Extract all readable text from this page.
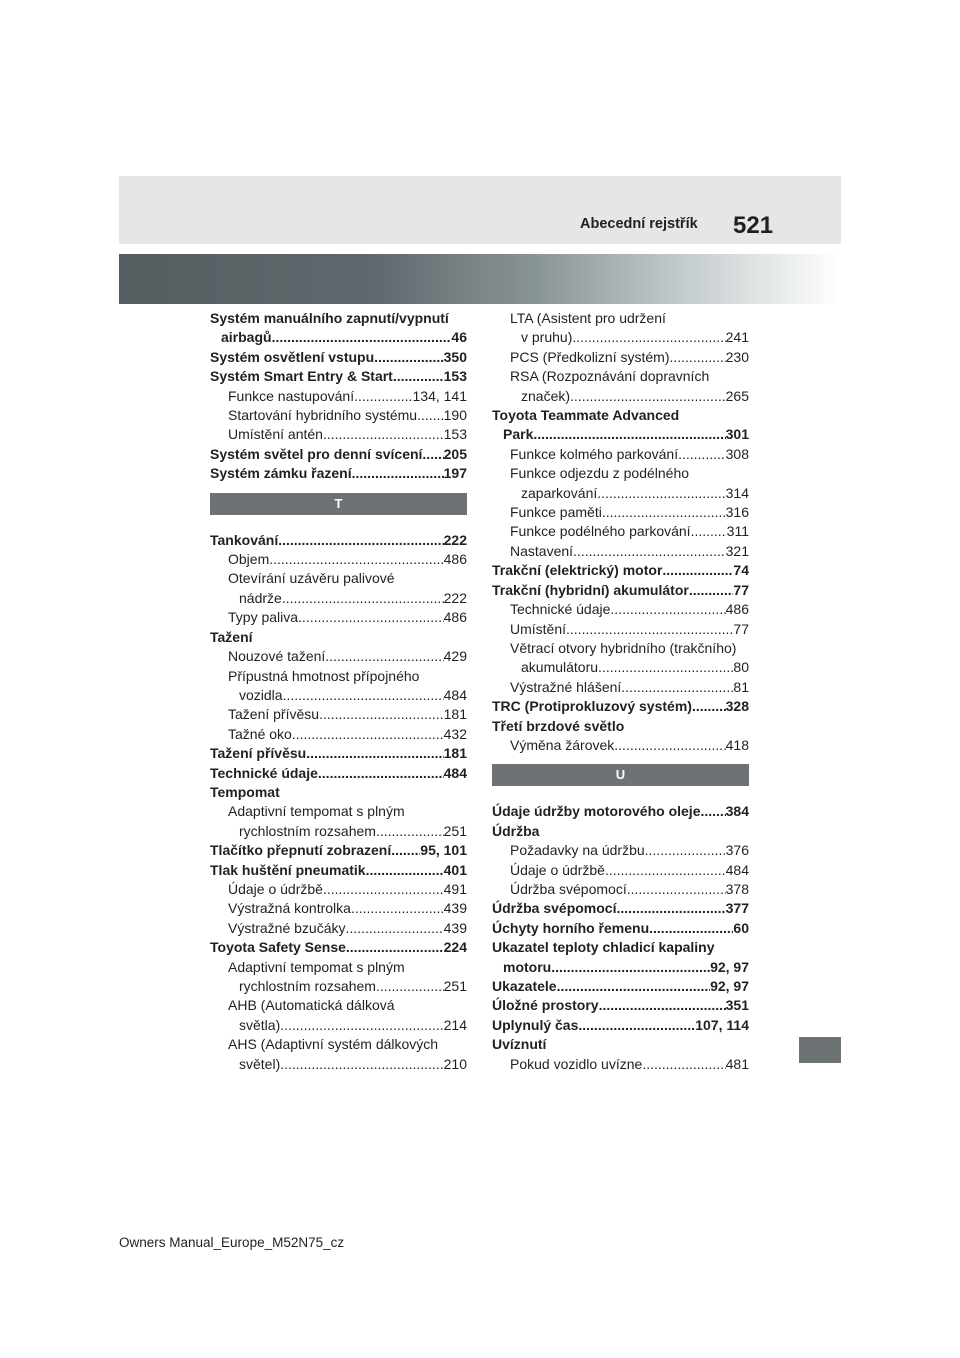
Abecední rejstřík 521
Systém manuálního zapnutí/vypnutí
airbagů .....	46
Systém osvětlení vstupu .....	350
Systém Smart Entry & Start .....	153
Funkce nastupování .....	134, 141
Startování hybridního systému ..... 190
Umístění antén .....	153
Systém světel pro denní svícení ..... 205
Systém zámku řazení .....	197
T
Tankování .....	222
Objem .....	486
Otevírání uzávěru palivové
nádrže .....	222
Typy paliva .....	486
Tažení
Nouzové tažení .....	429
Přípustná hmotnost přípojného
vozidla .....	484
Tažení přívěsu .....	181
Tažné oko .....	432
Tažení přívěsu .....	181
Technické údaje .....	484
Tempomat
Adaptivní tempomat s plným
rychlostním rozsahem .....	251
Tlačítko přepnutí zobrazení ..... 95, 101
Tlak huštění pneumatik .....	401
Údaje o údržbě .....	491
Výstražná kontrolka .....	439
Výstražné bzučáky .....	439
Toyota Safety Sense .....	224
Adaptivní tempomat s plným
rychlostním rozsahem .....	251
AHB (Automatická dálková
světla) .....	214
AHS (Adaptivní systém dálkových
světel) .....	210
LTA (Asistent pro udržení
v pruhu) .....	241
PCS (Předkolizní systém) .....	230
RSA (Rozpoznávání dopravních
značek) .....	265
Toyota Teammate Advanced
Park .....	301
Funkce kolmého parkování .....	308
Funkce odjezdu z podélného
zaparkování .....	314
Funkce paměti .....	316
Funkce podélného parkování .....	311
Nastavení .....	321
Trakční (elektrický) motor .....	74
Trakční (hybridní) akumulátor .....	77
Technické údaje .....	486
Umístění .....	77
Větrací otvory hybridního (trakčního)
akumulátoru .....	80
Výstražné hlášení .....	81
TRC (Protiprokluzový systém) ..... 328
Třetí brzdové světlo
Výměna žárovek .....	418
U
Údaje údržby motorového oleje ..... 384
Údržba
Požadavky na údržbu .....	376
Údaje o údržbě .....	484
Údržba svépomocí .....	378
Údržba svépomocí .....	377
Úchyty horního řemenu .....	60
Ukazatel teploty chladicí kapaliny
motoru .....	92, 97
Ukazatele .....	92, 97
Úložné prostory .....	351
Uplynulý čas .....	107, 114
Uvíznutí
Pokud vozidlo uvízne .....	481
Owners Manual_Europe_M52N75_cz
